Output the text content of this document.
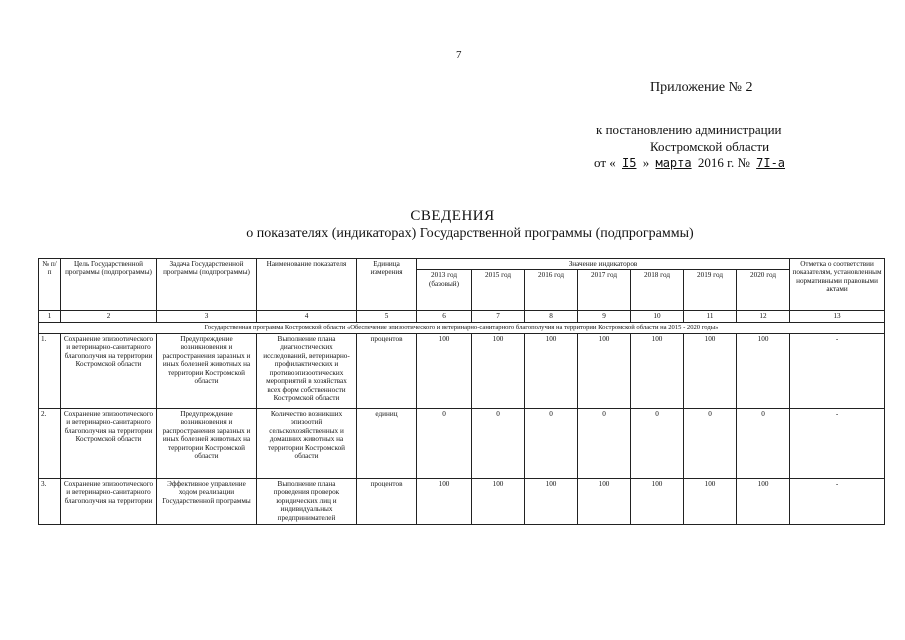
7
Приложение № 2
к постановлению администрации
Костромской области
от « I5 » марта 2016 г. № 7I-а
СВЕДЕНИЯ
о показателях (индикаторах) Государственной программы (подпрограммы)
№ п/п	Цель Государственной программы (подпрограммы)	Задача Государственной программы (подпрограммы)	Наименование показателя	Единица измерения	Значение индикаторов							Отметка о соответствии показателям, установленным нормативными правовыми актами
					2013 год (базовый)	2015 год	2016 год	2017 год	2018 год	2019 год	2020 год	
1	2	3	4	5	6	7	8	9	10	11	12	13
Государственная программа Костромской области «Обеспечение эпизоотического и ветеринарно-санитарного благополучия на территории Костромской области на 2015 - 2020 годы»												
1.	Сохранение эпизоотического и ветеринарно-санитарного благополучия на территории Костромской области	Предупреждение возникновения и распространения заразных и иных болезней животных на территории Костромской области	Выполнение плана диагностических исследований, ветеринарно-профилактических и противоэпизоотических мероприятий в хозяйствах всех форм собственности Костромской области	процентов	100	100	100	100	100	100	100	-
2.	Сохранение эпизоотического и ветеринарно-санитарного благополучия на территории Костромской области	Предупреждение возникновения и распространения заразных и иных болезней животных на территории Костромской области	Количество возникших эпизоотий сельскохозяйственных и домашних животных на территории Костромской области	единиц	0	0	0	0	0	0	0	-
3.	Сохранение эпизоотического и ветеринарно-санитарного благополучия на территории	Эффективное управление ходом реализации Государственной программы	Выполнение плана проведения проверок юридических лиц и индивидуальных предпринимателей	процентов	100	100	100	100	100	100	100	-
